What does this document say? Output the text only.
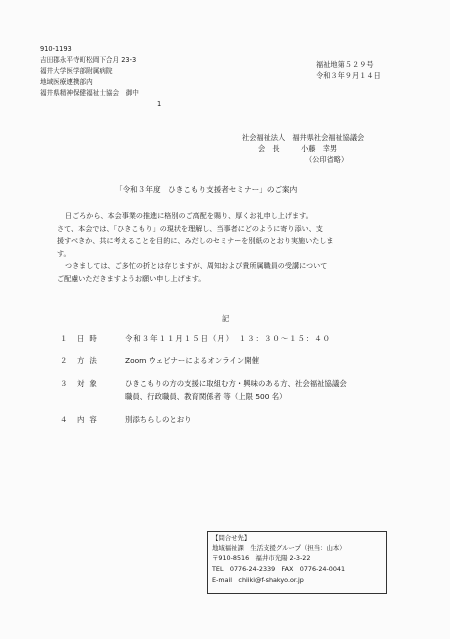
910-1193
吉田郡永平寺町松岡下合月 23-3
福井大学医学部附属病院
地域医療連携部内
福井県精神保健福祉士協会　御中
1
福祉地第５２９号
令和３年９月１４日
社会福祉法人　福井県社会福祉協議会
会　長　　　小藤　幸男
（公印省略）
「令和３年度　ひきこもり支援者セミナー」のご案内

日ごろから、本会事業の推進に格別のご高配を賜り、厚くお礼申し上げます。

さて、本会では、「ひきこもり」の現状を理解し、当事者にどのように寄り添い、支

援すべきか、共に考えることを目的に、みだしのセミナーを別紙のとおり実施いたしま

す。

つきましては、ご多忙の折とは存じますが、周知および貴所属職員の受講について

ご配慮いただきますようお願い申し上げます。

記
１ 日時	令和３年１１月１５日（月）　１３：３０～１５：４０
２ 方法	Zoom ウェビナーによるオンライン開催
３ 対象	ひきこもりの方の支援に取組む方・興味のある方、社会福祉協議会
職員、行政職員、教育関係者 等（上限 500 名）
４ 内容	別添ちらしのとおり
【問合せ先】
地域福祉課　生活支援グループ（担当：山本）
〒910-8516　福井市光陽 2-3-22
TEL　0776-24-2339　FAX　0776-24-0041
E-mail　chiiki@f-shakyo.or.jp
